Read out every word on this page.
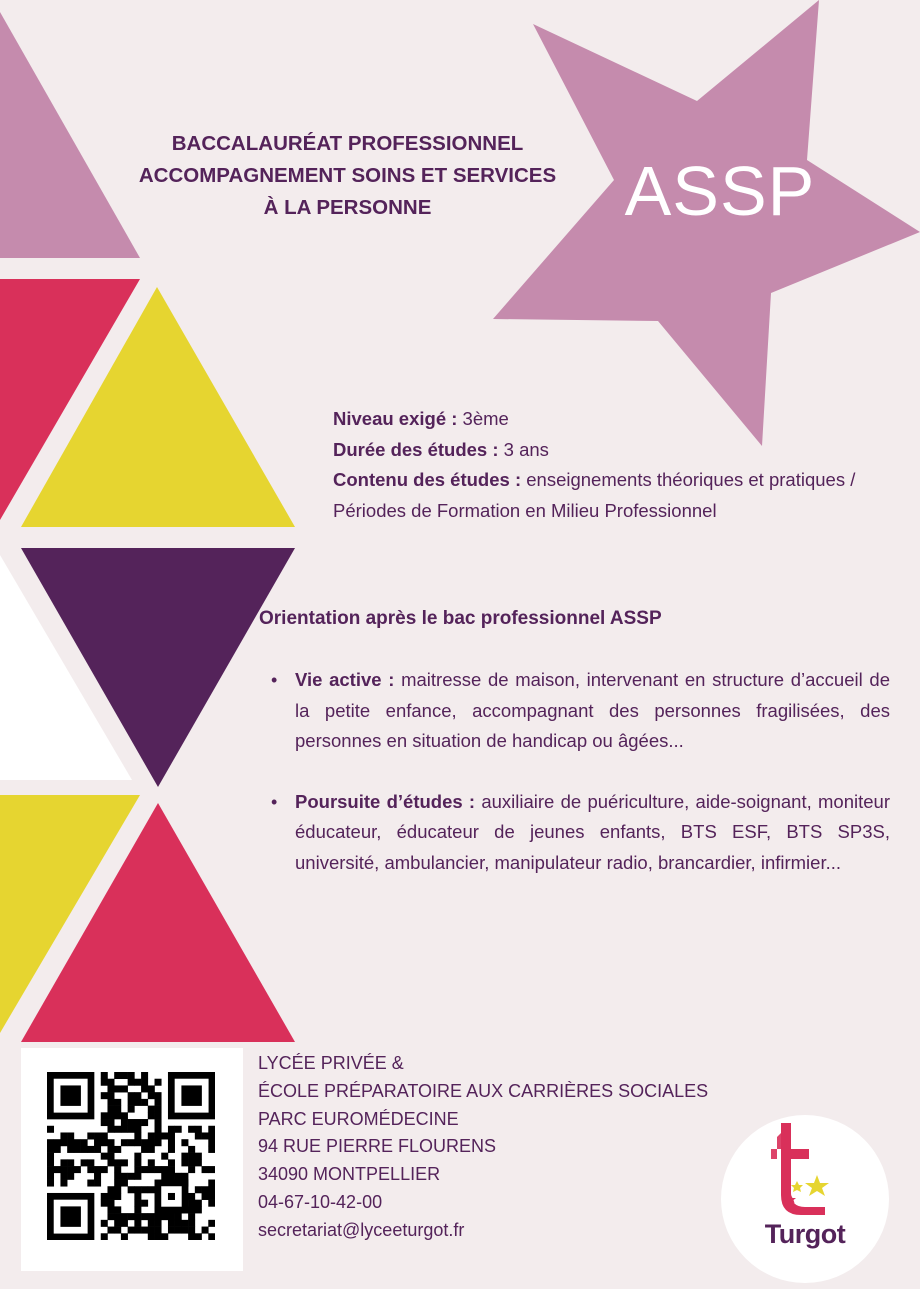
BACCALAURÉAT PROFESSIONNEL
ACCOMPAGNEMENT SOINS ET SERVICES
À LA PERSONNE	ASSP

Niveau exigé : 3ème

Durée des études : 3 ans

Contenu des études : enseignements théoriques et pratiques / Périodes de Formation en Milieu Professionnel

Orientation après le bac professionnel ASSP
• Vie active : maitresse de maison, intervenant en structure d’accueil de la petite enfance, accompagnant des personnes fragilisées, des personnes en situation de handicap ou âgées...
• Poursuite d’études : auxiliaire de puériculture, aide-soignant, moniteur éducateur, éducateur de jeunes enfants, BTS ESF, BTS SP3S, université, ambulancier, manipulateur radio, brancardier, infirmier...
LYCÉE PRIVÉE &
ÉCOLE PRÉPARATOIRE AUX CARRIÈRES SOCIALES
PARC EUROMÉDECINE
94 RUE PIERRE FLOURENS
34090 MONTPELLIER
04-67-10-42-00
secretariat@lyceeturgot.fr	Turgot
